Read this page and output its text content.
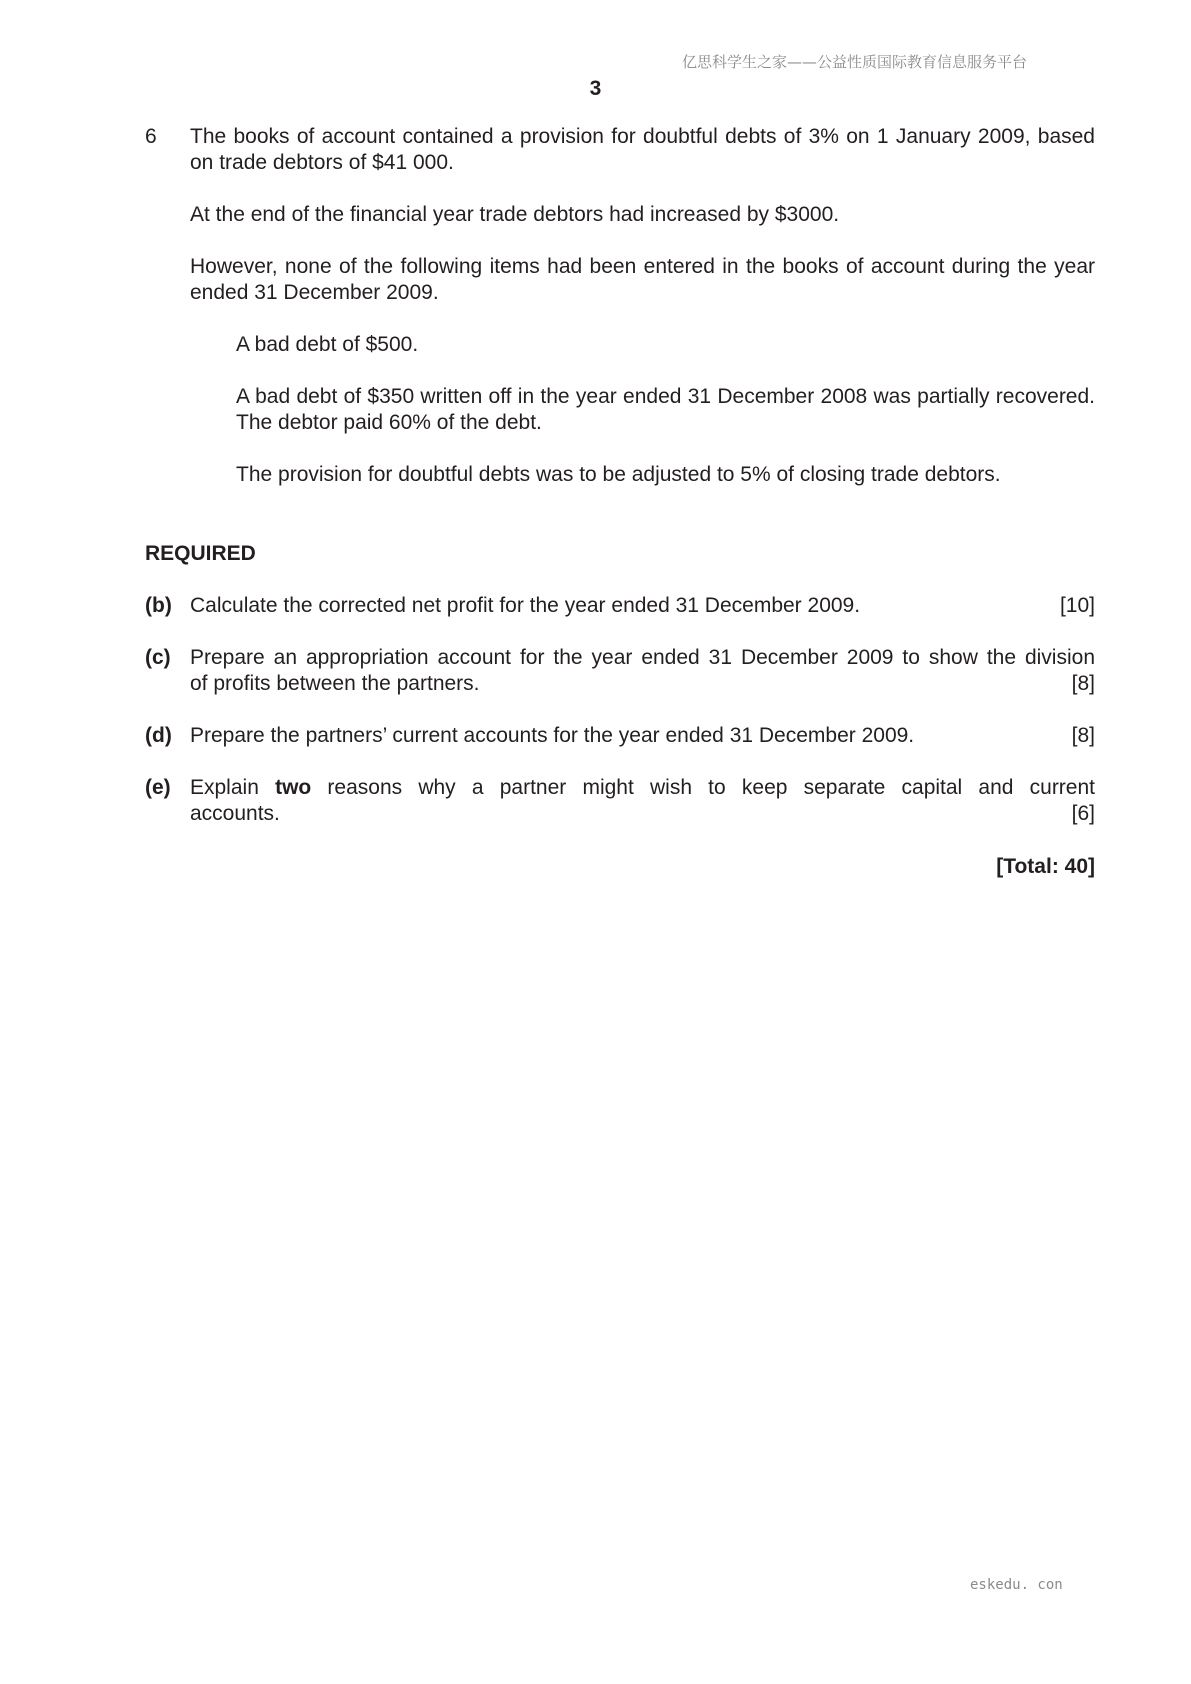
亿思科学生之家——公益性质国际教育信息服务平台
3
6 The books of account contained a provision for doubtful debts of 3% on 1 January 2009, based on trade debtors of $41 000.
At the end of the financial year trade debtors had increased by $3000.
However, none of the following items had been entered in the books of account during the year ended 31 December 2009.
A bad debt of $500.
A bad debt of $350 written off in the year ended 31 December 2008 was partially recovered. The debtor paid 60% of the debt.
The provision for doubtful debts was to be adjusted to 5% of closing trade debtors.
REQUIRED
(b) Calculate the corrected net profit for the year ended 31 December 2009.	[10]
(c) Prepare an appropriation account for the year ended 31 December 2009 to show the division
of profits between the partners.	[8]
(d) Prepare the partners’ current accounts for the year ended 31 December 2009.	[8]
(e) Explain two reasons why a partner might wish to keep separate capital and current
accounts.	[6]
[Total: 40]
eskedu. con
